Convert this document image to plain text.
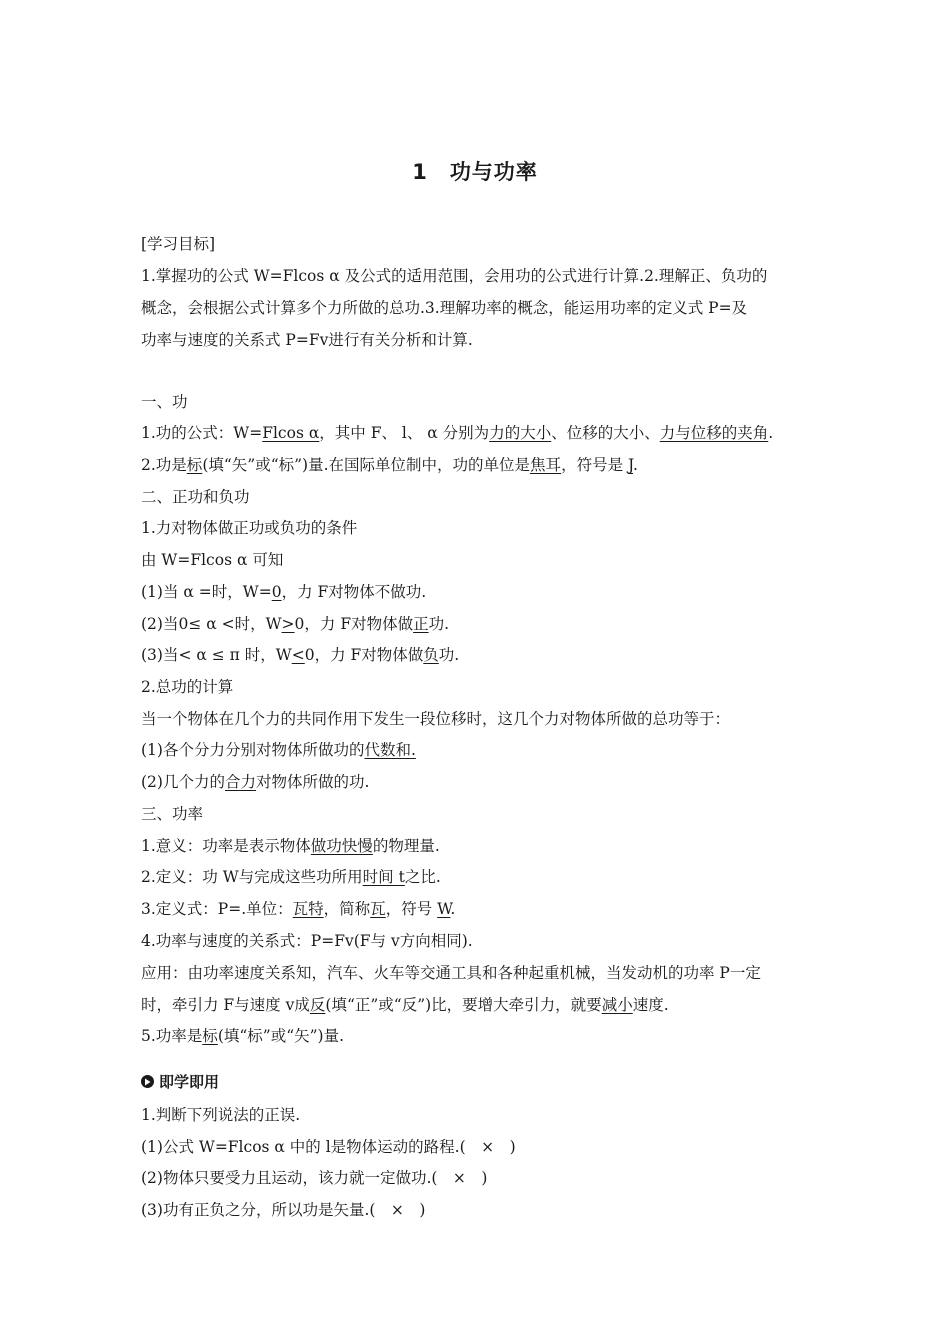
1 功与功率
[学习目标]
1.掌握功的公式 W=Flcos α 及公式的适用范围，会用功的公式进行计算.2.理解正、负功的
概念，会根据公式计算多个力所做的总功.3.理解功率的概念，能运用功率的定义式 P=及
功率与速度的关系式 P=Fv进行有关分析和计算.
一、功
1.功的公式：W=Flcos α，其中 F、 l、 α 分别为力的大小、位移的大小、力与位移的夹角.
2.功是标(填“矢”或“标”)量.在国际单位制中，功的单位是焦耳，符号是 J.
二、正功和负功
1.力对物体做正功或负功的条件
由 W=Flcos α 可知
(1)当 α =时，W=0，力 F对物体不做功.
(2)当0≤ α <时，W>0，力 F对物体做正功.
(3)当< α ≤ π 时，W<0，力 F对物体做负功.
2.总功的计算
当一个物体在几个力的共同作用下发生一段位移时，这几个力对物体所做的总功等于：
(1)各个分力分别对物体所做功的代数和.
(2)几个力的合力对物体所做的功.
三、功率
1.意义：功率是表示物体做功快慢的物理量.
2.定义：功 W与完成这些功所用时间 t之比.
3.定义式：P=.单位：瓦特，简称瓦，符号 W.
4.功率与速度的关系式：P=Fv(F与 v方向相同).
应用：由功率速度关系知，汽车、火车等交通工具和各种起重机械，当发动机的功率 P一定
时，牵引力 F与速度 v成反(填“正”或“反”)比，要增大牵引力，就要减小速度.
5.功率是标(填“标”或“矢”)量.
即学即用
1.判断下列说法的正误.
(1)公式 W=Flcos α 中的 l是物体运动的路程.(　×　)
(2)物体只要受力且运动，该力就一定做功.(　×　)
(3)功有正负之分，所以功是矢量.(　×　)
